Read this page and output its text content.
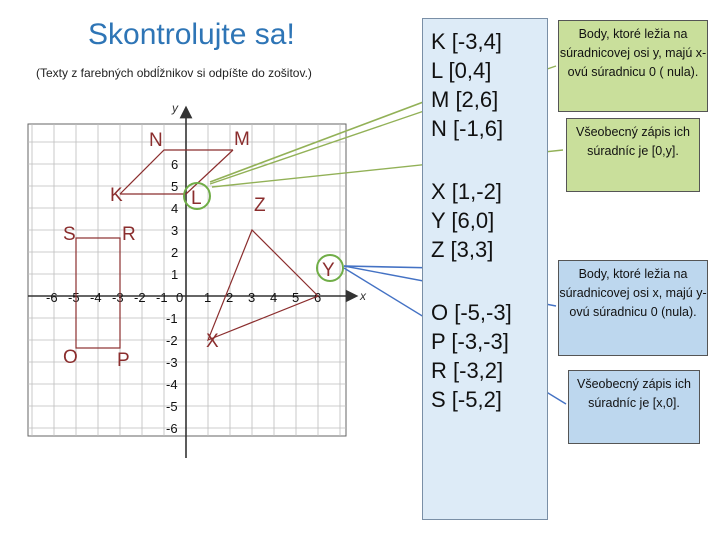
Skontrolujte sa!
(Texty z farebných obdĺžnikov si odpíšte do zošitov.)
x
y
-6 -5 -4 -3 -2 -1 0 1 2 3 4 5 6
6
5
4
3
2
1
-1
-2
-3
-4
-5
-6
K	L
M
N
X
Y
Z
O P
R
S
K [-3,4]
L [0,4]
M [2,6]
N [-1,6]
X [1,-2]
Y [6,0]
Z [3,3]
O [-5,-3]
P [-3,-3]
R [-3,2]
S [-5,2]
Body, ktoré ležia na súradnicovej osi y, majú x-ovú súradnicu 0 ( nula).
Všeobecný zápis ich súradníc je [0,y].
Body, ktoré ležia na súradnicovej osi x, majú y-ovú súradnicu 0 (nula).
Všeobecný zápis ich súradníc je [x,0].
